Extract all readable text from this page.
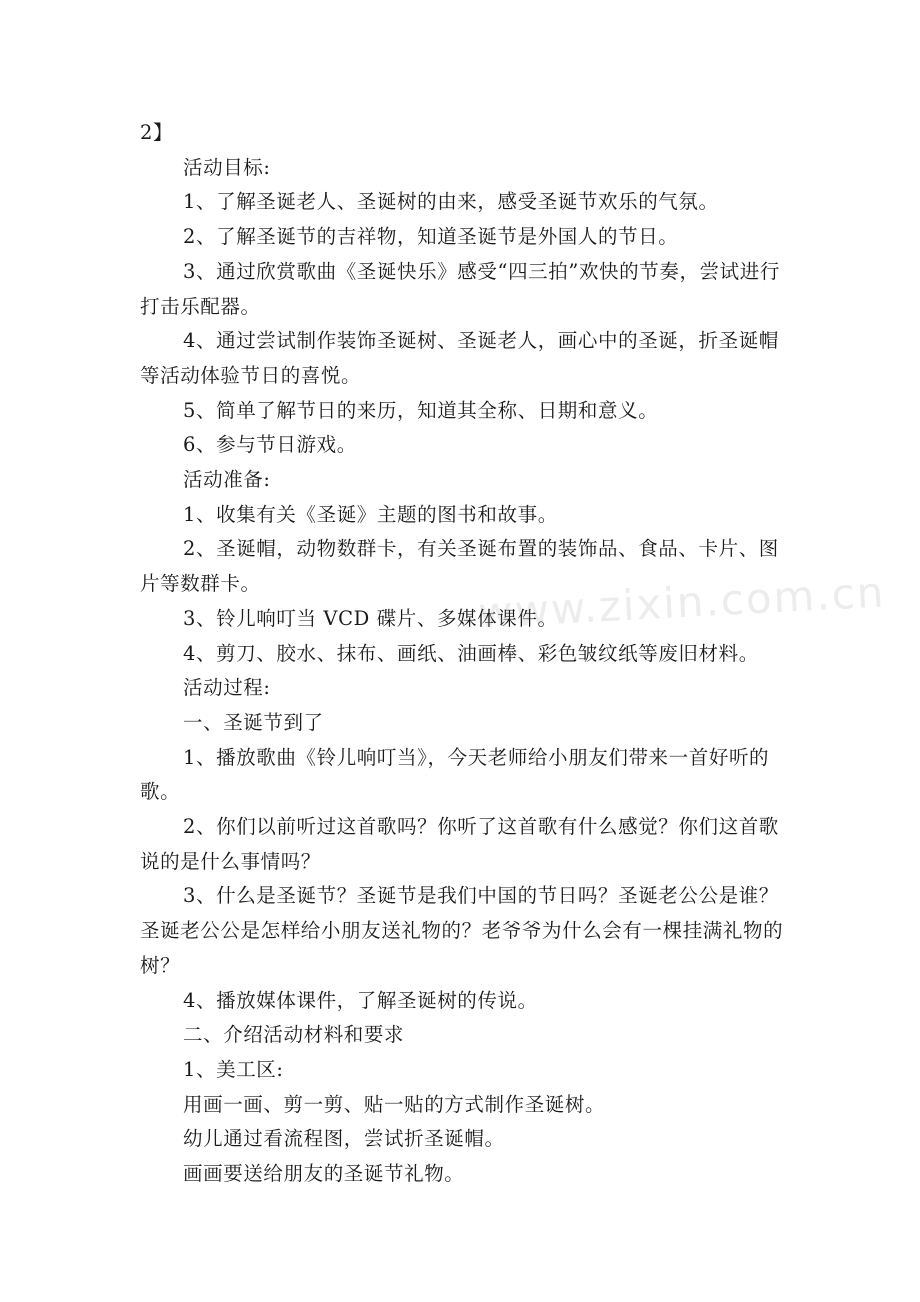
2】

活动目标:

1、了解圣诞老人、圣诞树的由来，感受圣诞节欢乐的气氛。

2、了解圣诞节的吉祥物，知道圣诞节是外国人的节日。

3、通过欣赏歌曲《圣诞快乐》感受“四三拍”欢快的节奏，尝试进行打击乐配器。

4、通过尝试制作装饰圣诞树、圣诞老人，画心中的圣诞，折圣诞帽等活动体验节日的喜悦。

5、简单了解节日的来历，知道其全称、日期和意义。

6、参与节日游戏。

活动准备:

1、收集有关《圣诞》主题的图书和故事。

2、圣诞帽，动物数群卡，有关圣诞布置的装饰品、食品、卡片、图片等数群卡。

3、铃儿响叮当 VCD 碟片、多媒体课件。

4、剪刀、胶水、抹布、画纸、油画棒、彩色皱纹纸等废旧材料。

活动过程:

一、圣诞节到了

1、播放歌曲《铃儿响叮当》，今天老师给小朋友们带来一首好听的歌。

2、你们以前听过这首歌吗？你听了这首歌有什么感觉？你们这首歌说的是什么事情吗？

3、什么是圣诞节？圣诞节是我们中国的节日吗？圣诞老公公是谁？圣诞老公公是怎样给小朋友送礼物的？老爷爷为什么会有一棵挂满礼物的树？

4、播放媒体课件，了解圣诞树的传说。

二、介绍活动材料和要求

1、美工区:

用画一画、剪一剪、贴一贴的方式制作圣诞树。

幼儿通过看流程图，尝试折圣诞帽。

画画要送给朋友的圣诞节礼物。

www.zixin.com.cn
